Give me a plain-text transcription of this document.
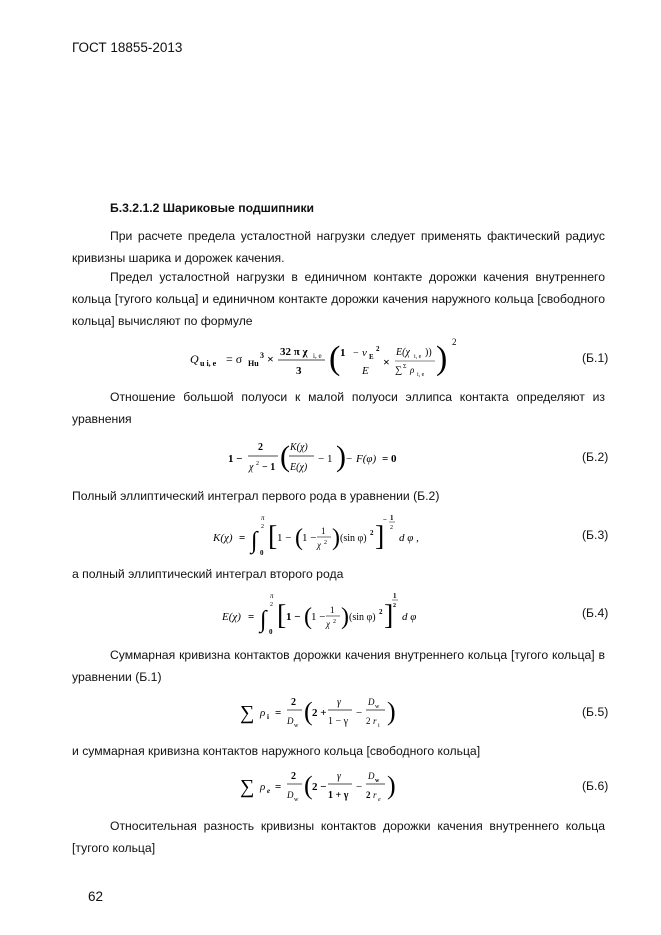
ГОСТ 18855-2013
Б.3.2.1.2 Шариковые подшипники
При расчете предела усталостной нагрузки следует применять фактический радиус кривизны шарика и дорожек качения.
Предел усталостной нагрузки в единичном контакте дорожки качения внутреннего кольца [тугого кольца] и единичном контакте дорожки качения наружного кольца [свободного кольца] вычисляют по формуле
Q u i, e = σ Hu
3 × 32 π χ i, e
3 ( 1 − ν E
2
E
×
E(χ i, e ))
∑ Σ ρ i, e ) 2
(Б.1)
Отношение большой полуоси к малой полуоси эллипса контакта определяют из уравнения
1 −
2
χ 2 − 1 ( K(χ)
E(χ)
− 1 ) − F(φ) = 0	(Б.2)
Полный эллиптический интеграл первого рода в уравнении (Б.2)
K(χ) = ∫
π
2
0
[ 1 − ( 1 −
1
χ 2 ) (sin φ) 2 ]
− 1
2
d φ ,	(Б.3)
а полный эллиптический интеграл второго рода
E(χ) = ∫
π
2
0
[ 1 − ( 1 −
1
χ 2 ) (sin φ) 2 ]
1
2
d φ	(Б.4)
Суммарная кривизна контактов дорожки качения внутреннего кольца [тугого кольца] в уравнении (Б.1)
∑ ρ i =
2
D w ( 2 +
γ
1 − γ
−
D w
2 r i )	(Б.5)
и суммарная кривизна контактов наружного кольца [свободного кольца]
∑ ρ e =
2
D w ( 2 −
γ
1 + γ
−
D w
2 r e )	(Б.6)
Относительная разность кривизны контактов дорожки качения внутреннего кольца [тугого кольца]
62
